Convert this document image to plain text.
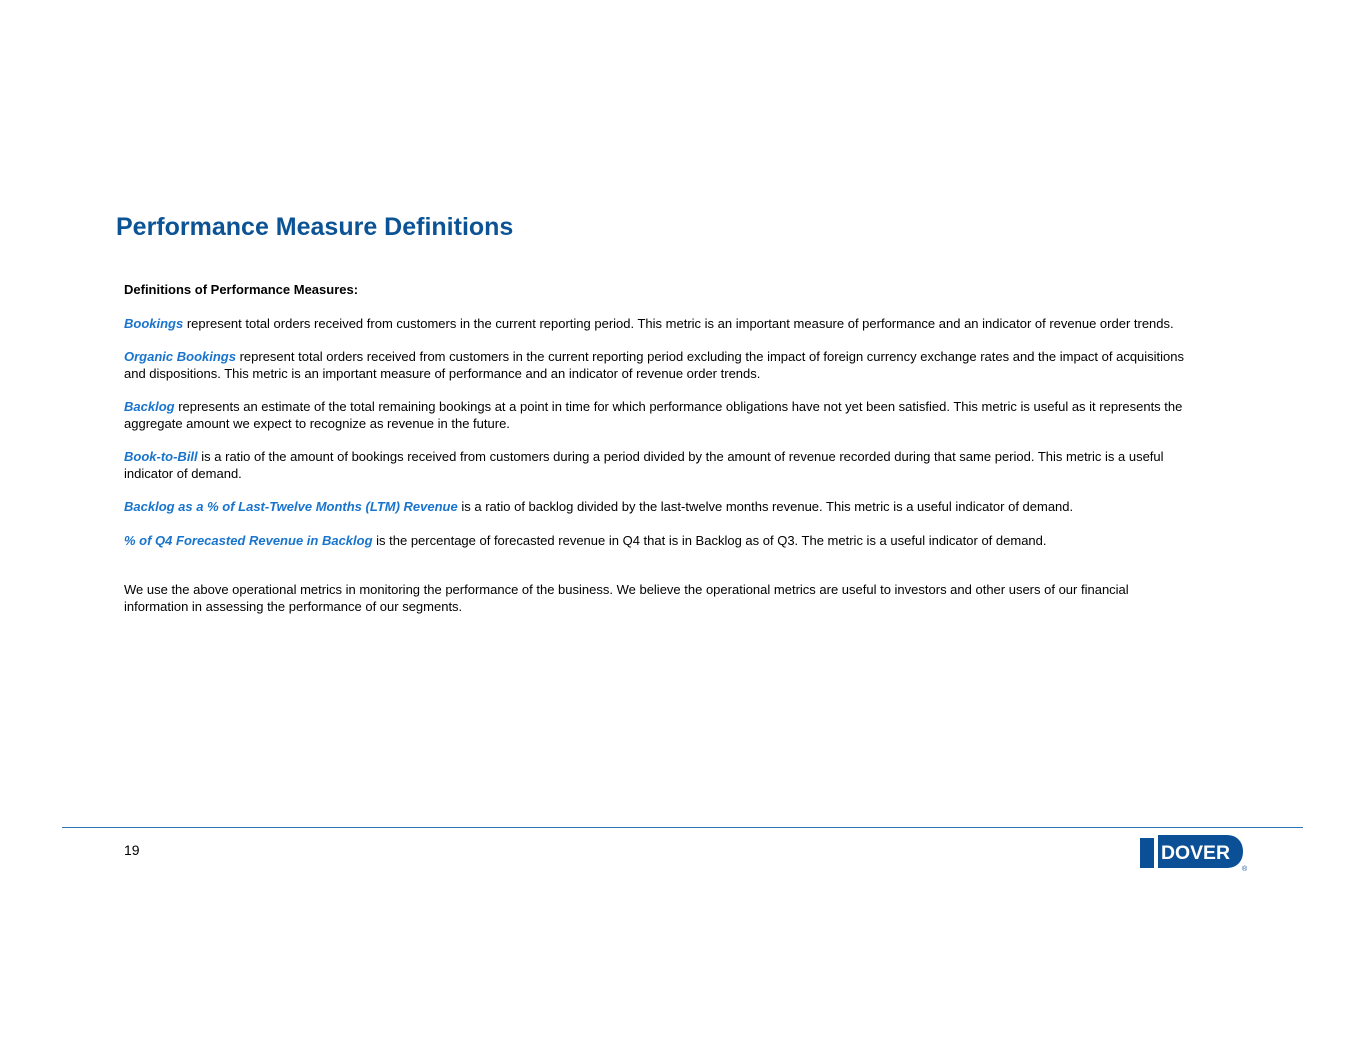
Performance Measure Definitions

Definitions of Performance Measures:

Bookings represent total orders received from customers in the current reporting period. This metric is an important measure of performance and an indicator of revenue order trends.

Organic Bookings represent total orders received from customers in the current reporting period excluding the impact of foreign currency exchange rates and the impact of acquisitions and dispositions. This metric is an important measure of performance and an indicator of revenue order trends.

Backlog represents an estimate of the total remaining bookings at a point in time for which performance obligations have not yet been satisfied. This metric is useful as it represents the aggregate amount we expect to recognize as revenue in the future.

Book-to-Bill is a ratio of the amount of bookings received from customers during a period divided by the amount of revenue recorded during that same period. This metric is a useful indicator of demand.

Backlog as a % of Last-Twelve Months (LTM) Revenue is a ratio of backlog divided by the last-twelve months revenue. This metric is a useful indicator of demand.

% of Q4 Forecasted Revenue in Backlog is the percentage of forecasted revenue in Q4 that is in Backlog as of Q3. The metric is a useful indicator of demand.

We use the above operational metrics in monitoring the performance of the business. We believe the operational metrics are useful to investors and other users of our financial information in assessing the performance of our segments.

19	DOVER
®
